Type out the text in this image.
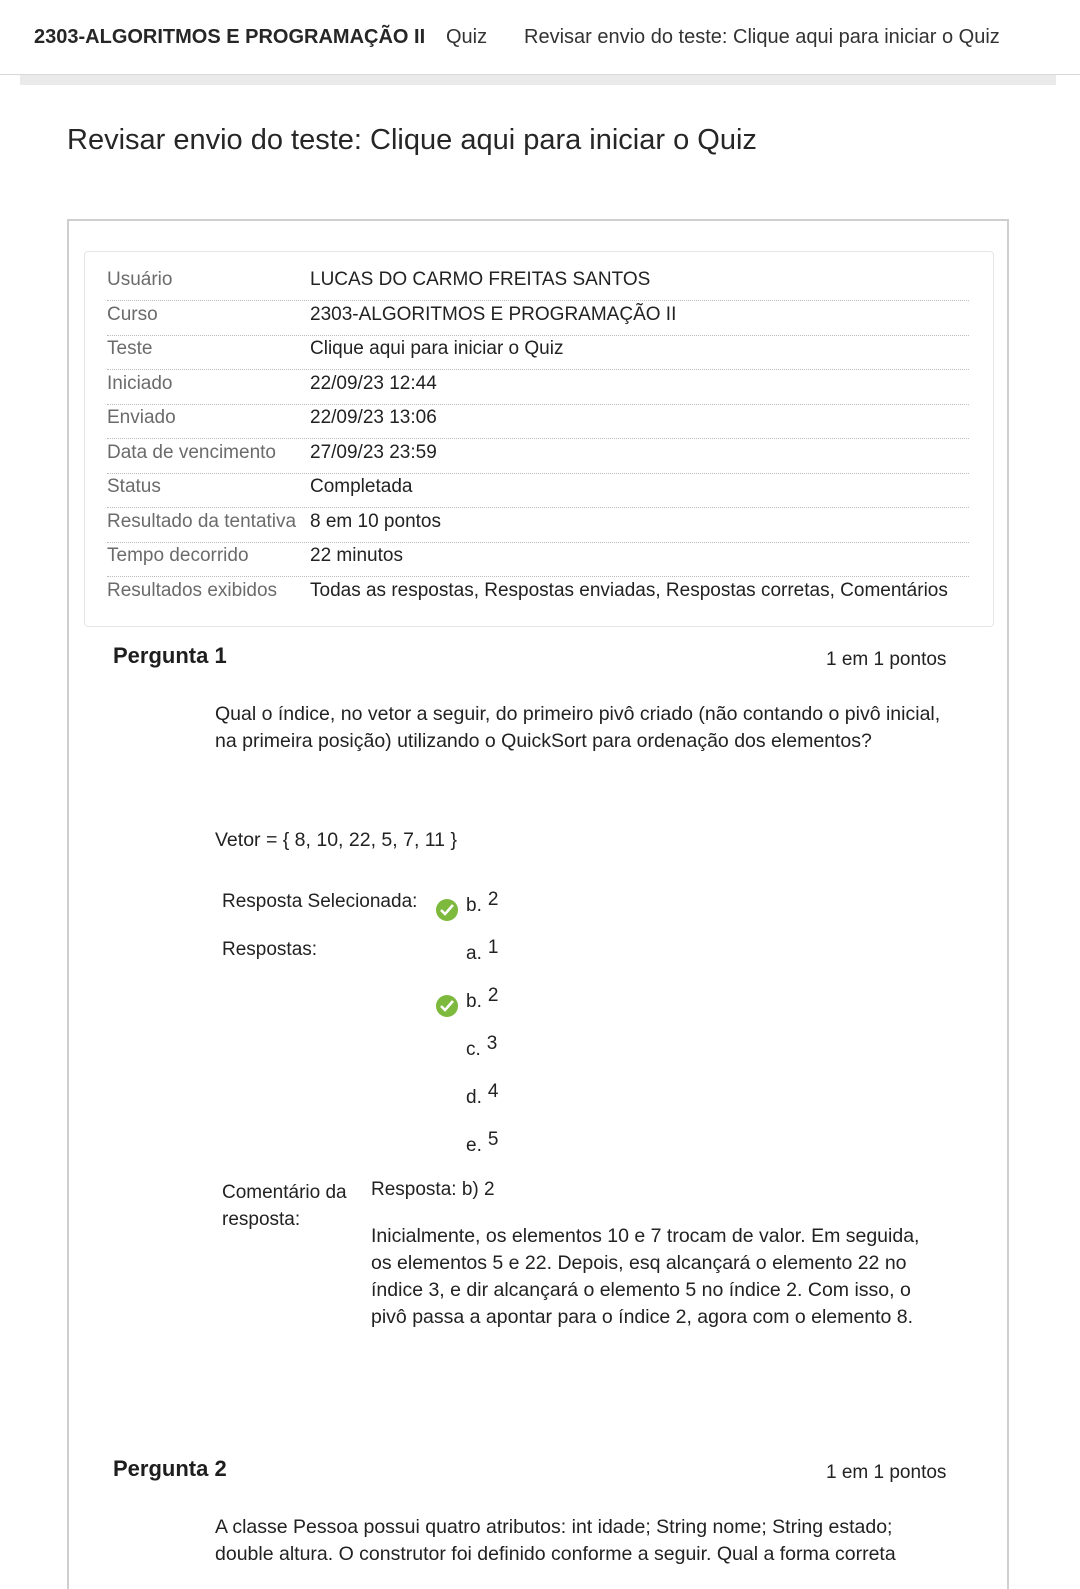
2303-ALGORITMOS E PROGRAMAÇÃO II Quiz Revisar envio do teste: Clique aqui para iniciar o Quiz
Revisar envio do teste: Clique aqui para iniciar o Quiz
Usuário	LUCAS DO CARMO FREITAS SANTOS
Curso	2303-ALGORITMOS E PROGRAMAÇÃO II
Teste	Clique aqui para iniciar o Quiz
Iniciado	22/09/23 12:44
Enviado	22/09/23 13:06
Data de vencimento 27/09/23 23:59
Status	Completada
Resultado da tentativa 8 em 10 pontos
Tempo decorrido	22 minutos
Resultados exibidos Todas as respostas, Respostas enviadas, Respostas corretas, Comentários
Pergunta 1	1 em 1 pontos
Qual o índice, no vetor a seguir, do primeiro pivô criado (não contando o pivô inicial, na primeira posição) utilizando o QuickSort para ordenação dos elementos?
Vetor = { 8, 10, 22, 5, 7, 11 }
Resposta Selecionada:	b. 2
Respostas:	a. 1
b. 2
c. 3
d. 4
e. 5
Comentário da resposta:
Resposta: b) 2
Inicialmente, os elementos 10 e 7 trocam de valor. Em seguida, os elementos 5 e 22. Depois, esq alcançará o elemento 22 no índice 3, e dir alcançará o elemento 5 no índice 2. Com isso, o pivô passa a apontar para o índice 2, agora com o elemento 8.
Pergunta 2	1 em 1 pontos
A classe Pessoa possui quatro atributos: int idade; String nome; String estado; double altura. O construtor foi definido conforme a seguir. Qual a forma correta
